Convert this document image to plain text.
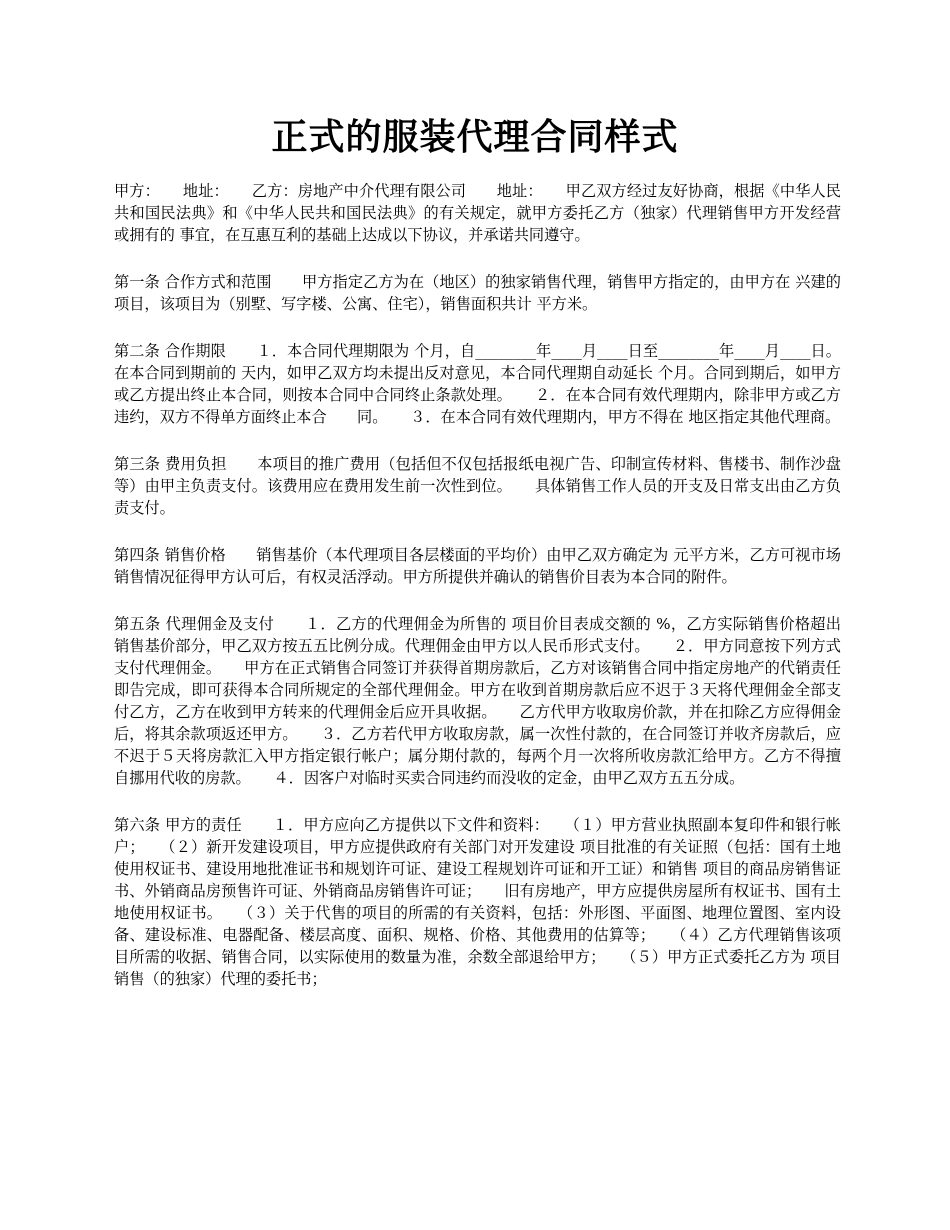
正式的服装代理合同样式

甲方：　　地址：　　乙方：房地产中介代理有限公司　　地址：　　甲乙双方经过友好协商，根据《中华人民共和国民法典》和《中华人民共和国民法典》的有关规定，就甲方委托乙方（独家）代理销售甲方开发经营或拥有的 事宜，在互惠互利的基础上达成以下协议，并承诺共同遵守。

第一条 合作方式和范围　　甲方指定乙方为在（地区）的独家销售代理，销售甲方指定的，由甲方在 兴建的 项目，该项目为（别墅、写字楼、公寓、住宅），销售面积共计 平方米。

第二条 合作期限　　１．本合同代理期限为 个月，自________年____月____日至________年____月____日。在本合同到期前的 天内，如甲乙双方均未提出反对意见，本合同代理期自动延长 个月。合同到期后，如甲方或乙方提出终止本合同，则按本合同中合同终止条款处理。　　２．在本合同有效代理期内，除非甲方或乙方违约，双方不得单方面终止本合　　同。　　３．在本合同有效代理期内，甲方不得在 地区指定其他代理商。

第三条 费用负担　　本项目的推广费用（包括但不仅包括报纸电视广告、印制宣传材料、售楼书、制作沙盘等）由甲主负责支付。该费用应在费用发生前一次性到位。　　具体销售工作人员的开支及日常支出由乙方负责支付。

第四条 销售价格　　销售基价（本代理项目各层楼面的平均价）由甲乙双方确定为 元平方米，乙方可视市场销售情况征得甲方认可后，有权灵活浮动。甲方所提供并确认的销售价目表为本合同的附件。

第五条 代理佣金及支付　　１．乙方的代理佣金为所售的 项目价目表成交额的 %，乙方实际销售价格超出销售基价部分，甲乙双方按五五比例分成。代理佣金由甲方以人民币形式支付。　　２．甲方同意按下列方式支付代理佣金。　　甲方在正式销售合同签订并获得首期房款后，乙方对该销售合同中指定房地产的代销责任即告完成，即可获得本合同所规定的全部代理佣金。甲方在收到首期房款后应不迟于３天将代理佣金全部支付乙方，乙方在收到甲方转来的代理佣金后应开具收据。　　乙方代甲方收取房价款，并在扣除乙方应得佣金后，将其余款项返还甲方。　　３．乙方若代甲方收取房款，属一次性付款的，在合同签订并收齐房款后，应不迟于５天将房款汇入甲方指定银行帐户；属分期付款的，每两个月一次将所收房款汇给甲方。乙方不得擅自挪用代收的房款。　　４．因客户对临时买卖合同违约而没收的定金，由甲乙双方五五分成。

第六条 甲方的责任　　１．甲方应向乙方提供以下文件和资料：　　（１）甲方营业执照副本复印件和银行帐户；　　（２）新开发建设项目，甲方应提供政府有关部门对开发建设 项目批准的有关证照（包括：国有土地使用权证书、建设用地批准证书和规划许可证、建设工程规划许可证和开工证）和销售 项目的商品房销售证书、外销商品房预售许可证、外销商品房销售许可证；　　旧有房地产，甲方应提供房屋所有权证书、国有土地使用权证书。　　（３）关于代售的项目的所需的有关资料，包括：外形图、平面图、地理位置图、室内设备、建设标准、电器配备、楼层高度、面积、规格、价格、其他费用的估算等；　　（４）乙方代理销售该项目所需的收据、销售合同，以实际使用的数量为准，余数全部退给甲方；　　（５）甲方正式委托乙方为 项目销售（的独家）代理的委托书；
